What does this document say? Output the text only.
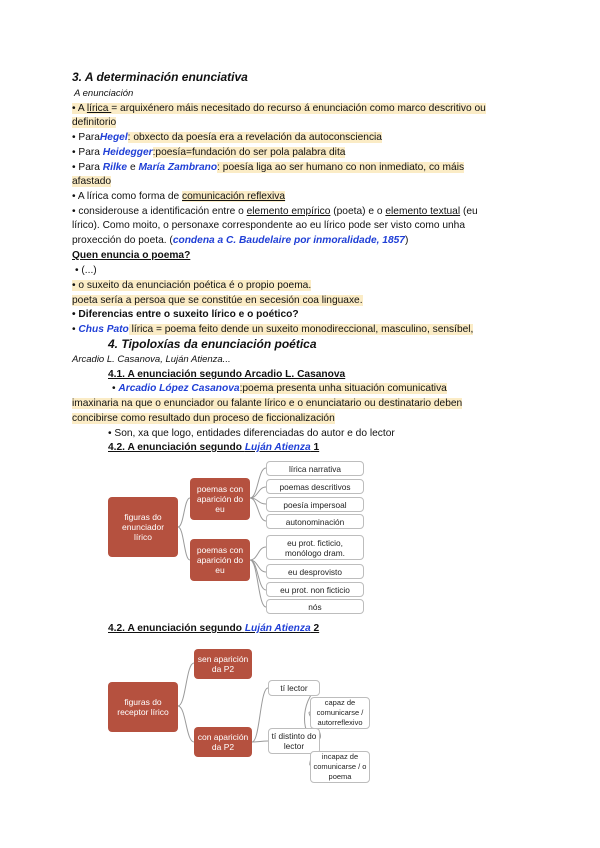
3. A determinación enunciativa
A enunciación
• A lírica = arquixénero máis necesitado do recurso á enunciación como marco descritivo ou
definitorio
• ParaHegel: obxecto da poesía era a revelación da autoconsciencia
• Para Heidegger:poesía=fundación do ser pola palabra dita
• Para Rilke e María Zambrano: poesía liga ao ser humano co non inmediato, co máis
afastado
• A lírica como forma de comunicación reflexiva
• considerouse a identificación entre o elemento empírico (poeta) e o elemento textual (eu
lírico). Como moito, o personaxe correspondente ao eu lírico pode ser visto como unha
proxección do poeta. (condena a C. Baudelaire por inmoralidade, 1857)
Quen enuncia o poema?
• (...)
• o suxeito da enunciación poética é o propio poema.
poeta sería a persoa que se constitúe en secesión coa linguaxe.
• Diferencias entre o suxeito lírico e o poético?
• Chus Pato lírica = poema feito dende un suxeito monodireccional, masculino, sensíbel,
4. Tipoloxías da enunciación poética
Arcadio L. Casanova, Luján Atienza...
4.1. A enunciación segundo Arcadio L. Casanova
• Arcadio López Casanova:poema presenta unha situación comunicativa
imaxinaria na que o enunciador ou falante lírico e o enunciatario ou destinatario deben
concibirse como resultado dun proceso de ficcionalización
• Son, xa que logo, entidades diferenciadas do autor e do lector
4.2. A enunciación segundo Luján Atienza 1
figuras do enunciador lírico
poemas con aparición do eu
poemas con aparición do eu
lírica narrativa
poemas descritivos
poesía impersoal
autonominación
eu prot. ficticio, monólogo dram.
eu desprovisto
eu prot. non ficticio
nós
4.2. A enunciación segundo Luján Atienza 2
figuras do receptor lírico
sen aparición da P2
con aparición da P2
tí lector
tí distinto do lector
capaz de comunicarse / autorreflexivo
incapaz de comunicarse / o poema
